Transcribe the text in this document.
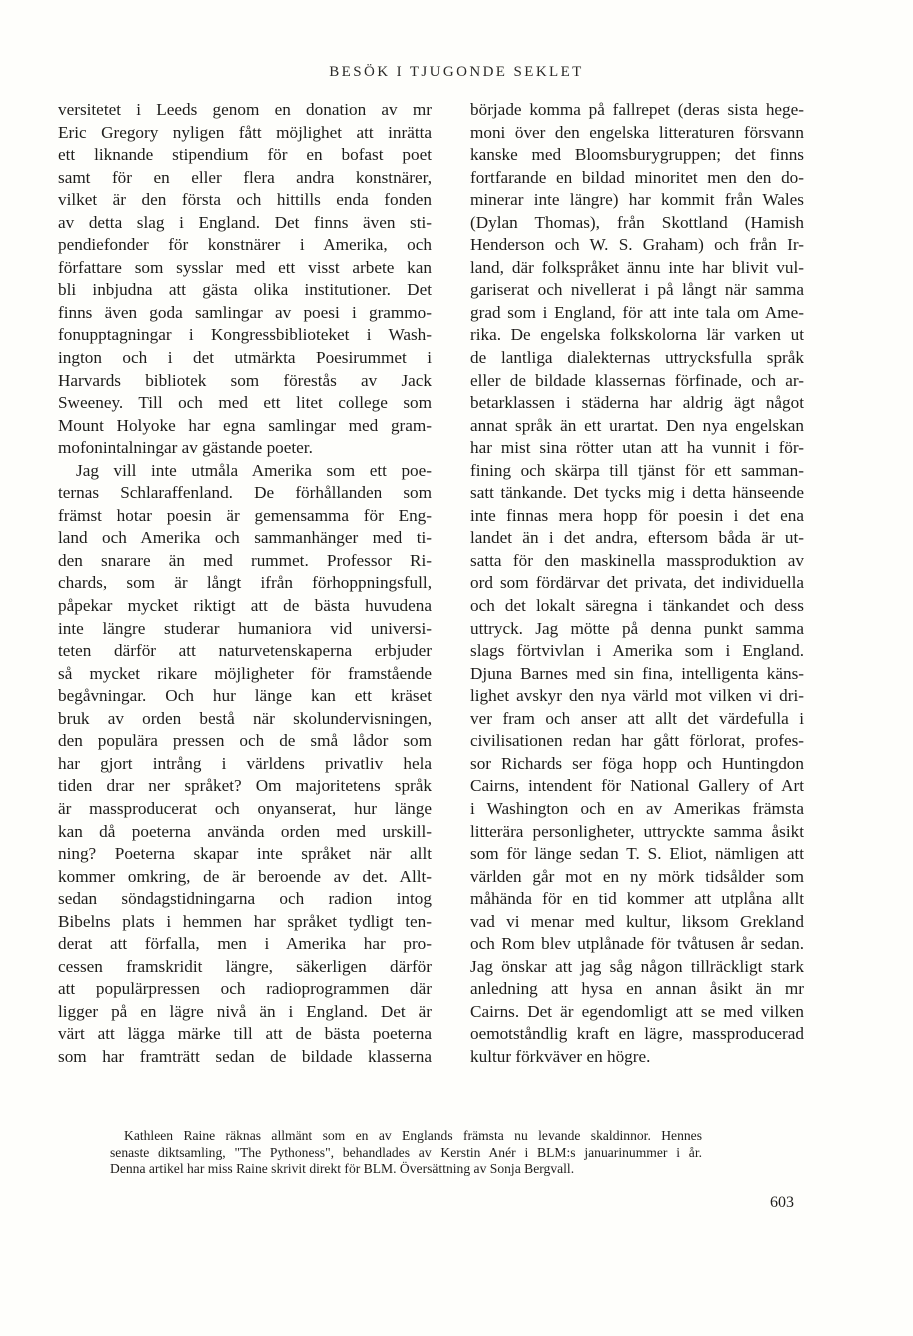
BESÖK I TJUGONDE SEKLET
versitetet i Leeds genom en donation av mr
Eric Gregory nyligen fått möjlighet att inrätta
ett liknande stipendium för en bofast poet
samt för en eller flera andra konstnärer,
vilket är den första och hittills enda fonden
av detta slag i England. Det finns även sti-
pendiefonder för konstnärer i Amerika, och
författare som sysslar med ett visst arbete kan
bli inbjudna att gästa olika institutioner. Det
finns även goda samlingar av poesi i grammo-
fonupptagningar i Kongressbiblioteket i Wash-
ington och i det utmärkta Poesirummet i
Harvards bibliotek som förestås av Jack
Sweeney. Till och med ett litet college som
Mount Holyoke har egna samlingar med gram-
mofonintalningar av gästande poeter.
Jag vill inte utmåla Amerika som ett poe-
ternas Schlaraffenland. De förhållanden som
främst hotar poesin är gemensamma för Eng-
land och Amerika och sammanhänger med ti-
den snarare än med rummet. Professor Ri-
chards, som är långt ifrån förhoppningsfull,
påpekar mycket riktigt att de bästa huvudena
inte längre studerar humaniora vid universi-
teten därför att naturvetenskaperna erbjuder
så mycket rikare möjligheter för framstående
begåvningar. Och hur länge kan ett kräset
bruk av orden bestå när skolundervisningen,
den populära pressen och de små lådor som
har gjort intrång i världens privatliv hela
tiden drar ner språket? Om majoritetens språk
är massproducerat och onyanserat, hur länge
kan då poeterna använda orden med urskill-
ning? Poeterna skapar inte språket när allt
kommer omkring, de är beroende av det. Allt-
sedan söndagstidningarna och radion intog
Bibelns plats i hemmen har språket tydligt ten-
derat att förfalla, men i Amerika har pro-
cessen framskridit längre, säkerligen därför
att populärpressen och radioprogrammen där
ligger på en lägre nivå än i England. Det är
värt att lägga märke till att de bästa poeterna
som har framträtt sedan de bildade klasserna
började komma på fallrepet (deras sista hege-
moni över den engelska litteraturen försvann
kanske med Bloomsburygruppen; det finns
fortfarande en bildad minoritet men den do-
minerar inte längre) har kommit från Wales
(Dylan Thomas), från Skottland (Hamish
Henderson och W. S. Graham) och från Ir-
land, där folkspråket ännu inte har blivit vul-
gariserat och nivellerat i på långt när samma
grad som i England, för att inte tala om Ame-
rika. De engelska folkskolorna lär varken ut
de lantliga dialekternas uttrycksfulla språk
eller de bildade klassernas förfinade, och ar-
betarklassen i städerna har aldrig ägt något
annat språk än ett urartat. Den nya engelskan
har mist sina rötter utan att ha vunnit i för-
fining och skärpa till tjänst för ett samman-
satt tänkande. Det tycks mig i detta hänseende
inte finnas mera hopp för poesin i det ena
landet än i det andra, eftersom båda är ut-
satta för den maskinella massproduktion av
ord som fördärvar det privata, det individuella
och det lokalt säregna i tänkandet och dess
uttryck. Jag mötte på denna punkt samma
slags förtvivlan i Amerika som i England.
Djuna Barnes med sin fina, intelligenta käns-
lighet avskyr den nya värld mot vilken vi dri-
ver fram och anser att allt det värdefulla i
civilisationen redan har gått förlorat, profes-
sor Richards ser föga hopp och Huntingdon
Cairns, intendent för National Gallery of Art
i Washington och en av Amerikas främsta
litterära personligheter, uttryckte samma åsikt
som för länge sedan T. S. Eliot, nämligen att
världen går mot en ny mörk tidsålder som
måhända för en tid kommer att utplåna allt
vad vi menar med kultur, liksom Grekland
och Rom blev utplånade för tvåtusen år sedan.
Jag önskar att jag såg någon tillräckligt stark
anledning att hysa en annan åsikt än mr
Cairns. Det är egendomligt att se med vilken
oemotståndlig kraft en lägre, massproducerad
kultur förkväver en högre.
Kathleen Raine räknas allmänt som en av Englands främsta nu levande skaldinnor. Hennes
senaste diktsamling, "The Pythoness", behandlades av Kerstin Anér i BLM:s januarinummer i år.
Denna artikel har miss Raine skrivit direkt för BLM. Översättning av Sonja Bergvall.
603
